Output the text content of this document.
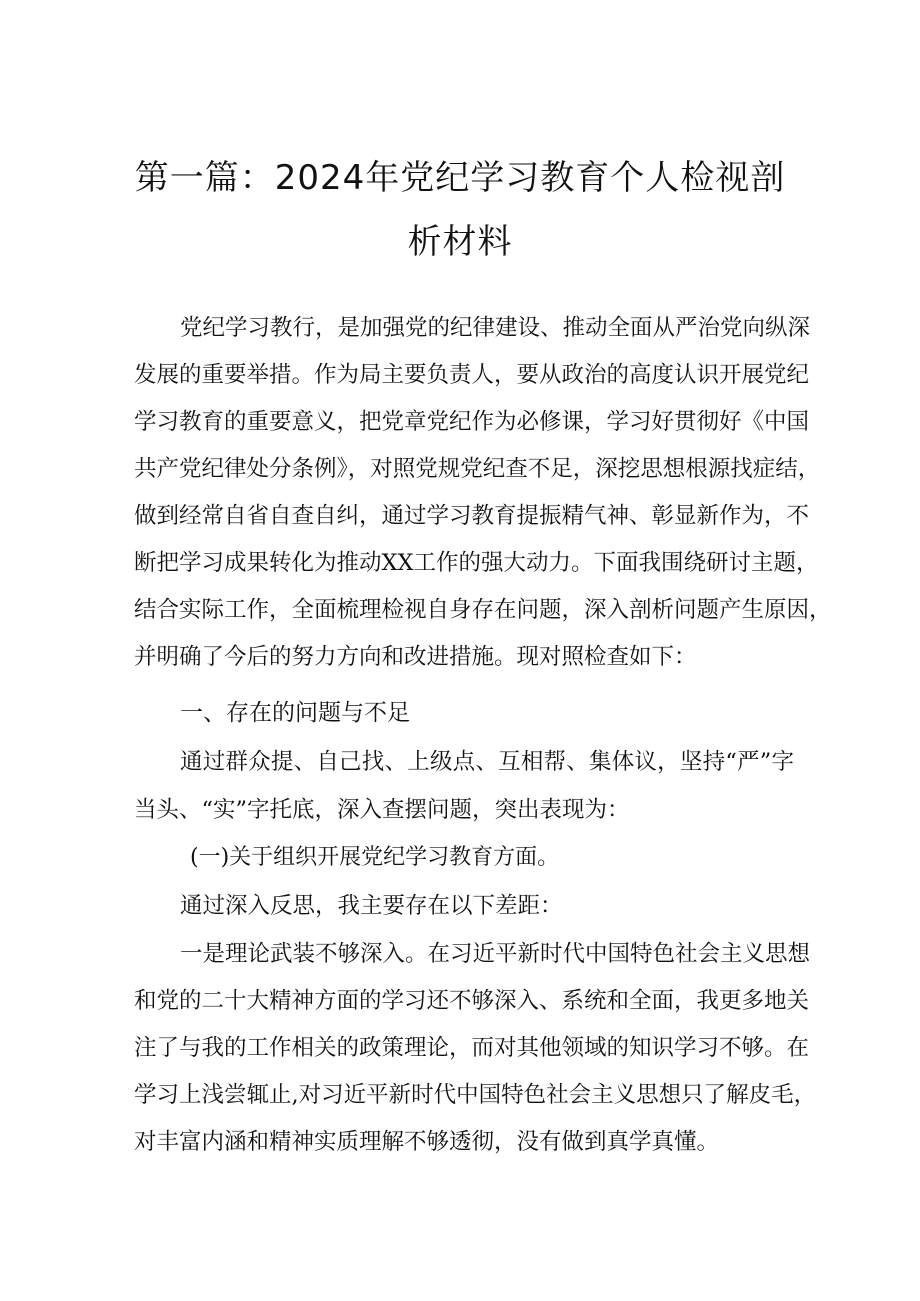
第一篇：2024年党纪学习教育个人检视剖
析材料
党纪学习教行，是加强党的纪律建设、推动全面从严治党向纵深
发展的重要举措。作为局主要负责人，要从政治的高度认识开展党纪
学习教育的重要意义，把党章党纪作为必修课，学习好贯彻好《中国
共产党纪律处分条例》，对照党规党纪查不足，深挖思想根源找症结，
做到经常自省自查自纠，通过学习教育提振精气神、彰显新作为，不
断把学习成果转化为推动XX工作的强大动力。下面我围绕研讨主题，
结合实际工作，全面梳理检视自身存在问题，深入剖析问题产生原因，
并明确了今后的努力方向和改进措施。现对照检查如下：
一、存在的问题与不足
通过群众提、自己找、上级点、互相帮、集体议，坚持“严”字
当头、“实”字托底，深入查摆问题，突出表现为：
(一)关于组织开展党纪学习教育方面。
通过深入反思，我主要存在以下差距：
一是理论武装不够深入。在习近平新时代中国特色社会主义思想
和党的二十大精神方面的学习还不够深入、系统和全面，我更多地关
注了与我的工作相关的政策理论，而对其他领域的知识学习不够。在
学习上浅尝辄止,对习近平新时代中国特色社会主义思想只了解皮毛，
对丰富内涵和精神实质理解不够透彻，没有做到真学真懂。
